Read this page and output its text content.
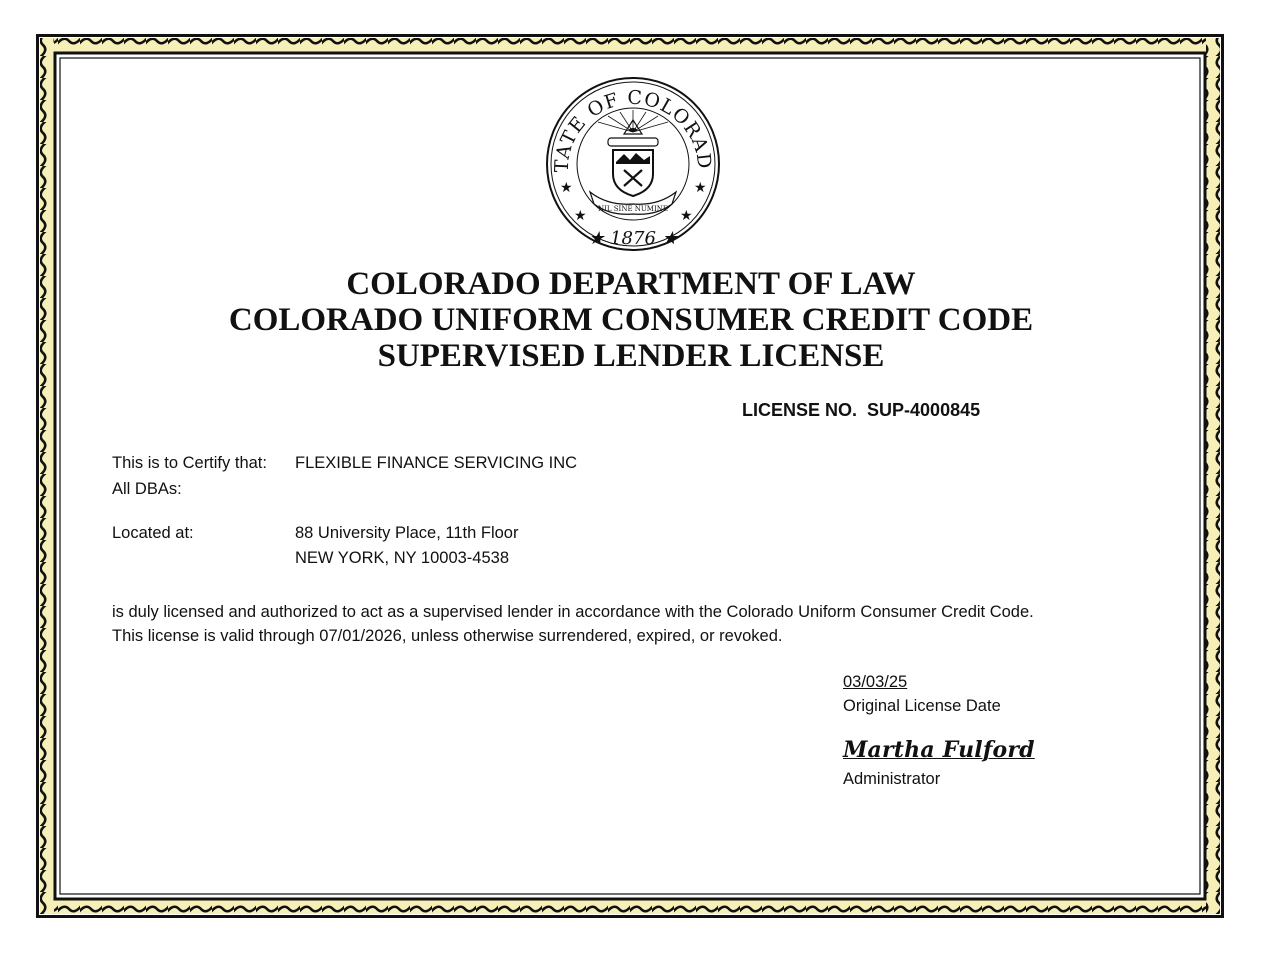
TATE OF COLORAD
★ 1876 ★
★	★
★	★
NIL SINE NUMINE
COLORADO DEPARTMENT OF LAW
COLORADO UNIFORM CONSUMER CREDIT CODE
SUPERVISED LENDER LICENSE
LICENSE NO. SUP-4000845
This is to Certify that: FLEXIBLE FINANCE SERVICING INC
All DBAs:
Located at:	88 University Place, 11th Floor
NEW YORK, NY 10003-4538
is duly licensed and authorized to act as a supervised lender in accordance with the Colorado Uniform Consumer Credit Code.
This license is valid through 07/01/2026, unless otherwise surrendered, expired, or revoked.
03/03/25
Original License Date
Martha Fulford
Administrator
